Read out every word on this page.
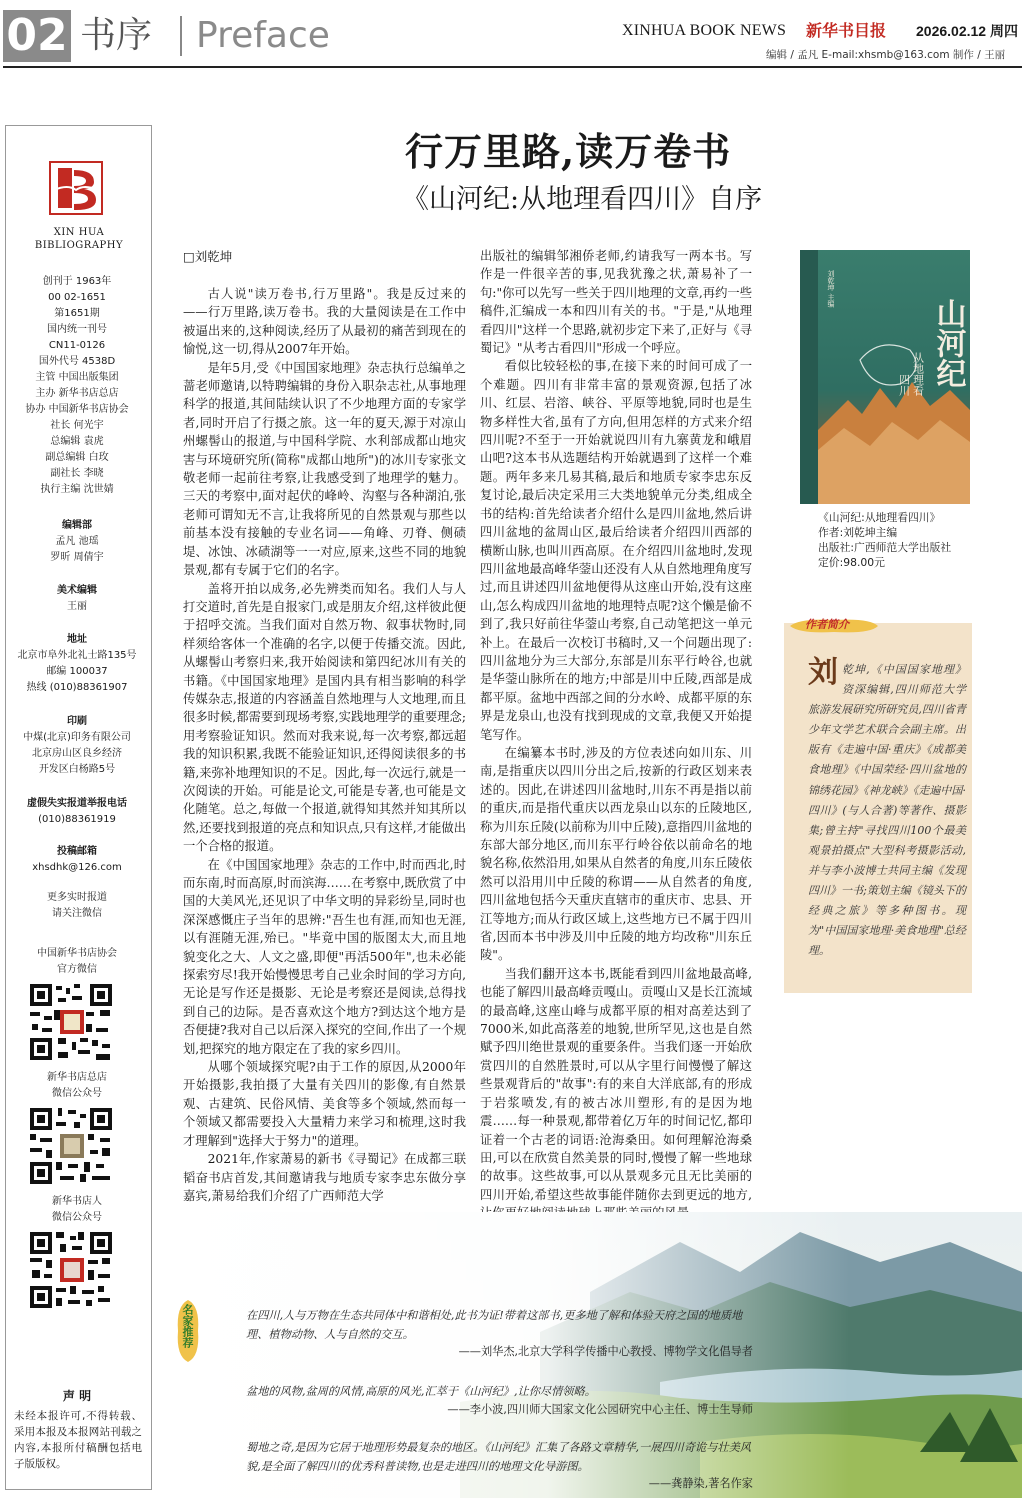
02 书序 Preface	XINHUA BOOK NEWS 新华书目报 2026.02.12 周四
编辑 / 孟凡 E-mail:xhsmb@163.com 制作 / 王丽
XIN HUA
BIBLIOGRAPHY
创刊于 1963年
00 02-1651
第1651期
国内统一刊号
CN11-0126
国外代号 4538D
主管 中国出版集团
主办 新华书店总店
协办 中国新华书店协会
社长 何光宇
总编辑 袁虎
副总编辑 白玫
副社长 李晓
执行主编 沈世婧
编辑部
孟凡 池瑶
罗昕 周倩宇
美术编辑
王丽
地址
北京市阜外北礼士路135号
邮编 100037
热线 (010)88361907
印刷
中煤(北京)印务有限公司
北京房山区良乡经济
开发区白杨路5号
虚假失实报道举报电话
(010)88361919
投稿邮箱
xhsdhk@126.com
更多实时报道
请关注微信
中国新华书店协会
官方微信
新华书店总店
微信公众号
新华书店人
微信公众号
声 明
未经本报许可,不得转载、采用本报及本报网站刊载之内容,本报所付稿酬包括电子版版权。
行万里路,读万卷书
《山河纪:从地理看四川》自序
□刘乾坤

古人说"读万卷书,行万里路"。我是反过来的——行万里路,读万卷书。我的大量阅读是在工作中被逼出来的,这种阅读,经历了从最初的痛苦到现在的愉悦,这一切,得从2007年开始。

是年5月,受《中国国家地理》杂志执行总编单之蔷老师邀请,以特聘编辑的身份入职杂志社,从事地理科学的报道,其间陆续认识了不少地理方面的专家学者,同时开启了行摄之旅。这一年的夏天,源于对凉山州螺髻山的报道,与中国科学院、水利部成都山地灾害与环境研究所(简称"成都山地所")的冰川专家张文敬老师一起前往考察,让我感受到了地理学的魅力。三天的考察中,面对起伏的峰岭、沟壑与各种湖泊,张老师可谓知无不言,让我将所见的自然景观与那些以前基本没有接触的专业名词——角峰、刃脊、侧碛堤、冰蚀、冰碛湖等一一对应,原来,这些不同的地貌景观,都有专属于它们的名字。

盖将开拍以成务,必先辨类而知名。我们人与人打交道时,首先是自报家门,或是朋友介绍,这样彼此便于招呼交流。当我们面对自然万物、叙事状物时,同样须给客体一个准确的名字,以便于传播交流。因此,从螺髻山考察归来,我开始阅读和第四纪冰川有关的书籍。《中国国家地理》是国内具有相当影响的科学传媒杂志,报道的内容涵盖自然地理与人文地理,而且很多时候,都需要到现场考察,实践地理学的重要理念;用考察验证知识。然而对我来说,每一次考察,都远超我的知识积累,我既不能验证知识,还得阅读很多的书籍,来弥补地理知识的不足。因此,每一次远行,就是一次阅读的开始。可能是论文,可能是专著,也可能是文化随笔。总之,每做一个报道,就得知其然并知其所以然,还要找到报道的亮点和知识点,只有这样,才能做出一个合格的报道。

在《中国国家地理》杂志的工作中,时而西北,时而东南,时而高原,时而滨海……在考察中,既欣赏了中国的大美风光,还见识了中华文明的异彩纷呈,同时也深深感慨庄子当年的思辨:"吾生也有涯,而知也无涯,以有涯随无涯,殆已。"毕竟中国的版图太大,而且地貌变化之大、人文之盛,即便"再活500年",也未必能探索穷尽!我开始慢慢思考自己业余时间的学习方向,无论是写作还是摄影、无论是考察还是阅读,总得找到自己的边际。是否喜欢这个地方?到达这个地方是否便捷?我对自己以后深入探究的空间,作出了一个规划,把探究的地方限定在了我的家乡四川。

从哪个领域探究呢?由于工作的原因,从2000年开始摄影,我拍摄了大量有关四川的影像,有自然景观、古建筑、民俗风情、美食等多个领域,然而每一个领域又都需要投入大量精力来学习和梳理,这时我才理解到"选择大于努力"的道理。

2021年,作家萧易的新书《寻蜀记》在成都三联韬奋书店首发,其间邀请我与地质专家李忠东做分享嘉宾,萧易给我们介绍了广西师范大学

出版社的编辑邹湘侨老师,约请我写一两本书。写作是一件很辛苦的事,见我犹豫之状,萧易补了一句:"你可以先写一些关于四川地理的文章,再约一些稿件,汇编成一本和四川有关的书。"于是,"从地理看四川"这样一个思路,就初步定下来了,正好与《寻蜀记》"从考古看四川"形成一个呼应。

看似比较轻松的事,在接下来的时间可成了一个难题。四川有非常丰富的景观资源,包括了冰川、红层、岩溶、峡谷、平原等地貌,同时也是生物多样性大省,虽有了方向,但用怎样的方式来介绍四川呢?不至于一开始就说四川有九寨黄龙和峨眉山吧?这本书从选题结构开始就遇到了这样一个难题。两年多来几易其稿,最后和地质专家李忠东反复讨论,最后决定采用三大类地貌单元分类,组成全书的结构:首先给读者介绍什么是四川盆地,然后讲四川盆地的盆周山区,最后给读者介绍四川西部的横断山脉,也叫川西高原。在介绍四川盆地时,发现四川盆地最高峰华蓥山还没有人从自然地理角度写过,而且讲述四川盆地便得从这座山开始,没有这座山,怎么构成四川盆地的地理特点呢?这个懒是偷不到了,我只好前往华蓥山考察,自己动笔把这一单元补上。在最后一次校订书稿时,又一个问题出现了:四川盆地分为三大部分,东部是川东平行岭谷,也就是华蓥山脉所在的地方;中部是川中丘陵,西部是成都平原。盆地中西部之间的分水岭、成都平原的东界是龙泉山,也没有找到现成的文章,我便又开始提笔写作。

在编纂本书时,涉及的方位表述向如川东、川南,是指重庆以四川分出之后,按新的行政区划来表述的。因此,在讲述四川盆地时,川东不再是指以前的重庆,而是指代重庆以西龙泉山以东的丘陵地区,称为川东丘陵(以前称为川中丘陵),意指四川盆地的东部大部分地区,而川东平行岭谷依以前命名的地貌名称,依然沿用,如果从自然者的角度,川东丘陵依然可以沿用川中丘陵的称谓——从自然者的角度,四川盆地包括今天重庆直辖市的重庆市、忠县、开江等地方;而从行政区域上,这些地方已不属于四川省,因而本书中涉及川中丘陵的地方均改称"川东丘陵"。

当我们翻开这本书,既能看到四川盆地最高峰,也能了解四川最高峰贡嘎山。贡嘎山又是长江流域的最高峰,这座山峰与成都平原的相对高差达到了7000米,如此高落差的地貌,世所罕见,这也是自然赋予四川绝世景观的重要条件。当我们逐一开始欣赏四川的自然胜景时,可以从字里行间慢慢了解这些景观背后的"故事":有的来自大洋底部,有的形成于岩浆喷发,有的被古冰川塑形,有的是因为地震……每一种景观,都带着亿万年的时间记忆,都印证着一个古老的词语:沧海桑田。如何理解沧海桑田,可以在欣赏自然美景的同时,慢慢了解一些地球的故事。这些故事,可以从景观多元且无比美丽的四川开始,希望这些故事能伴随你去到更远的地方,

山河纪
从地理看
四川
刘乾坤 主编
《山河纪:从地理看四川》
作者:刘乾坤主编
出版社:广西师范大学出版社
定价:98.00元
作者简介
刘 乾坤,《中国国家地理》资深编辑,四川师范大学旅游发展研究所研究员,四川省青少年文学艺术联合会副主席。出版有《走遍中国·重庆》《成都美食地理》《中国荣经·四川盆地的锦绣花园》《神龙峡》《走遍中国·四川》(与人合著)等著作、摄影集;曾主持"寻找四川100个最美观景拍摄点"大型科考摄影活动,并与李小波博士共同主编《发现四川》一书;策划主编《镜头下的经典之旅》等多种图书。现为"中国国家地理·美食地理"总经理。
名家推荐	在四川,人与万物在生态共同体中和谐相处,此书为证!带着这部书,更多地了解和体验天府之国的地质地理、植物动物、人与自然的交互。
——刘华杰,北京大学科学传播中心教授、博物学文化倡导者
盆地的风物,盆周的风情,高原的风光,汇萃于《山河纪》,让你尽情领略。
——李小波,四川师大国家文化公园研究中心主任、博士生导师
蜀地之奇,是因为它居于地理形势最复杂的地区。《山河纪》汇集了各路文章精华,一展四川奇诡与壮美风貌,是全面了解四川的优秀科普读物,也是走进四川的地理文化导游图。
——龚静染,著名作家
